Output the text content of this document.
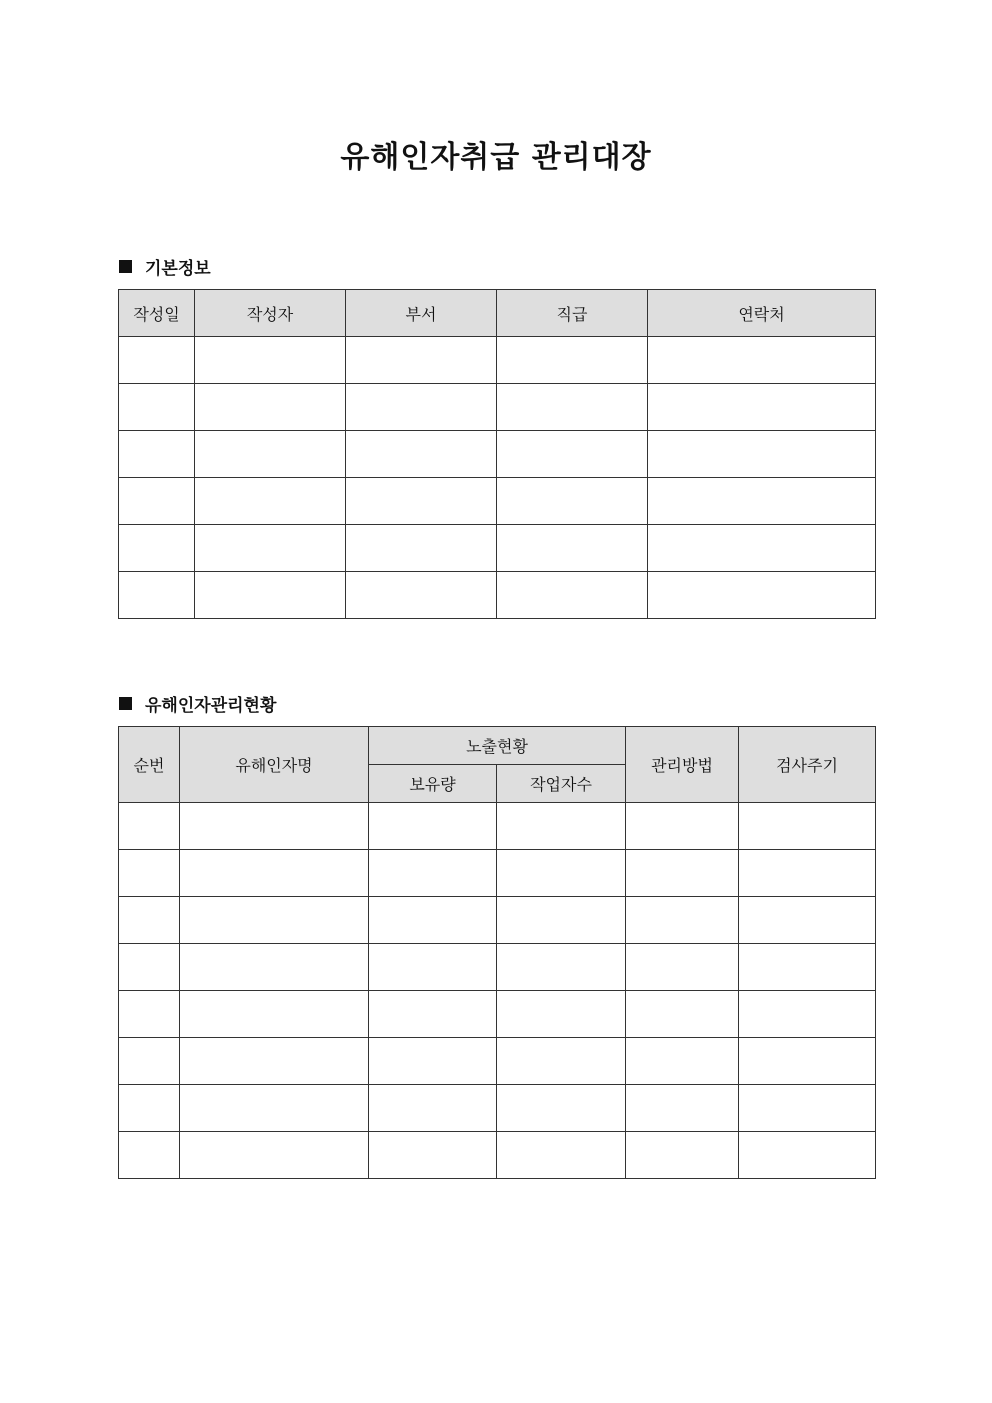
유해인자취급 관리대장
기본정보
작성일	작성자	부서	직급	연락처

유해인자관리현황
순번	유해인자명	노출현황		관리방법	검사주기
		보유량	작업자수		
